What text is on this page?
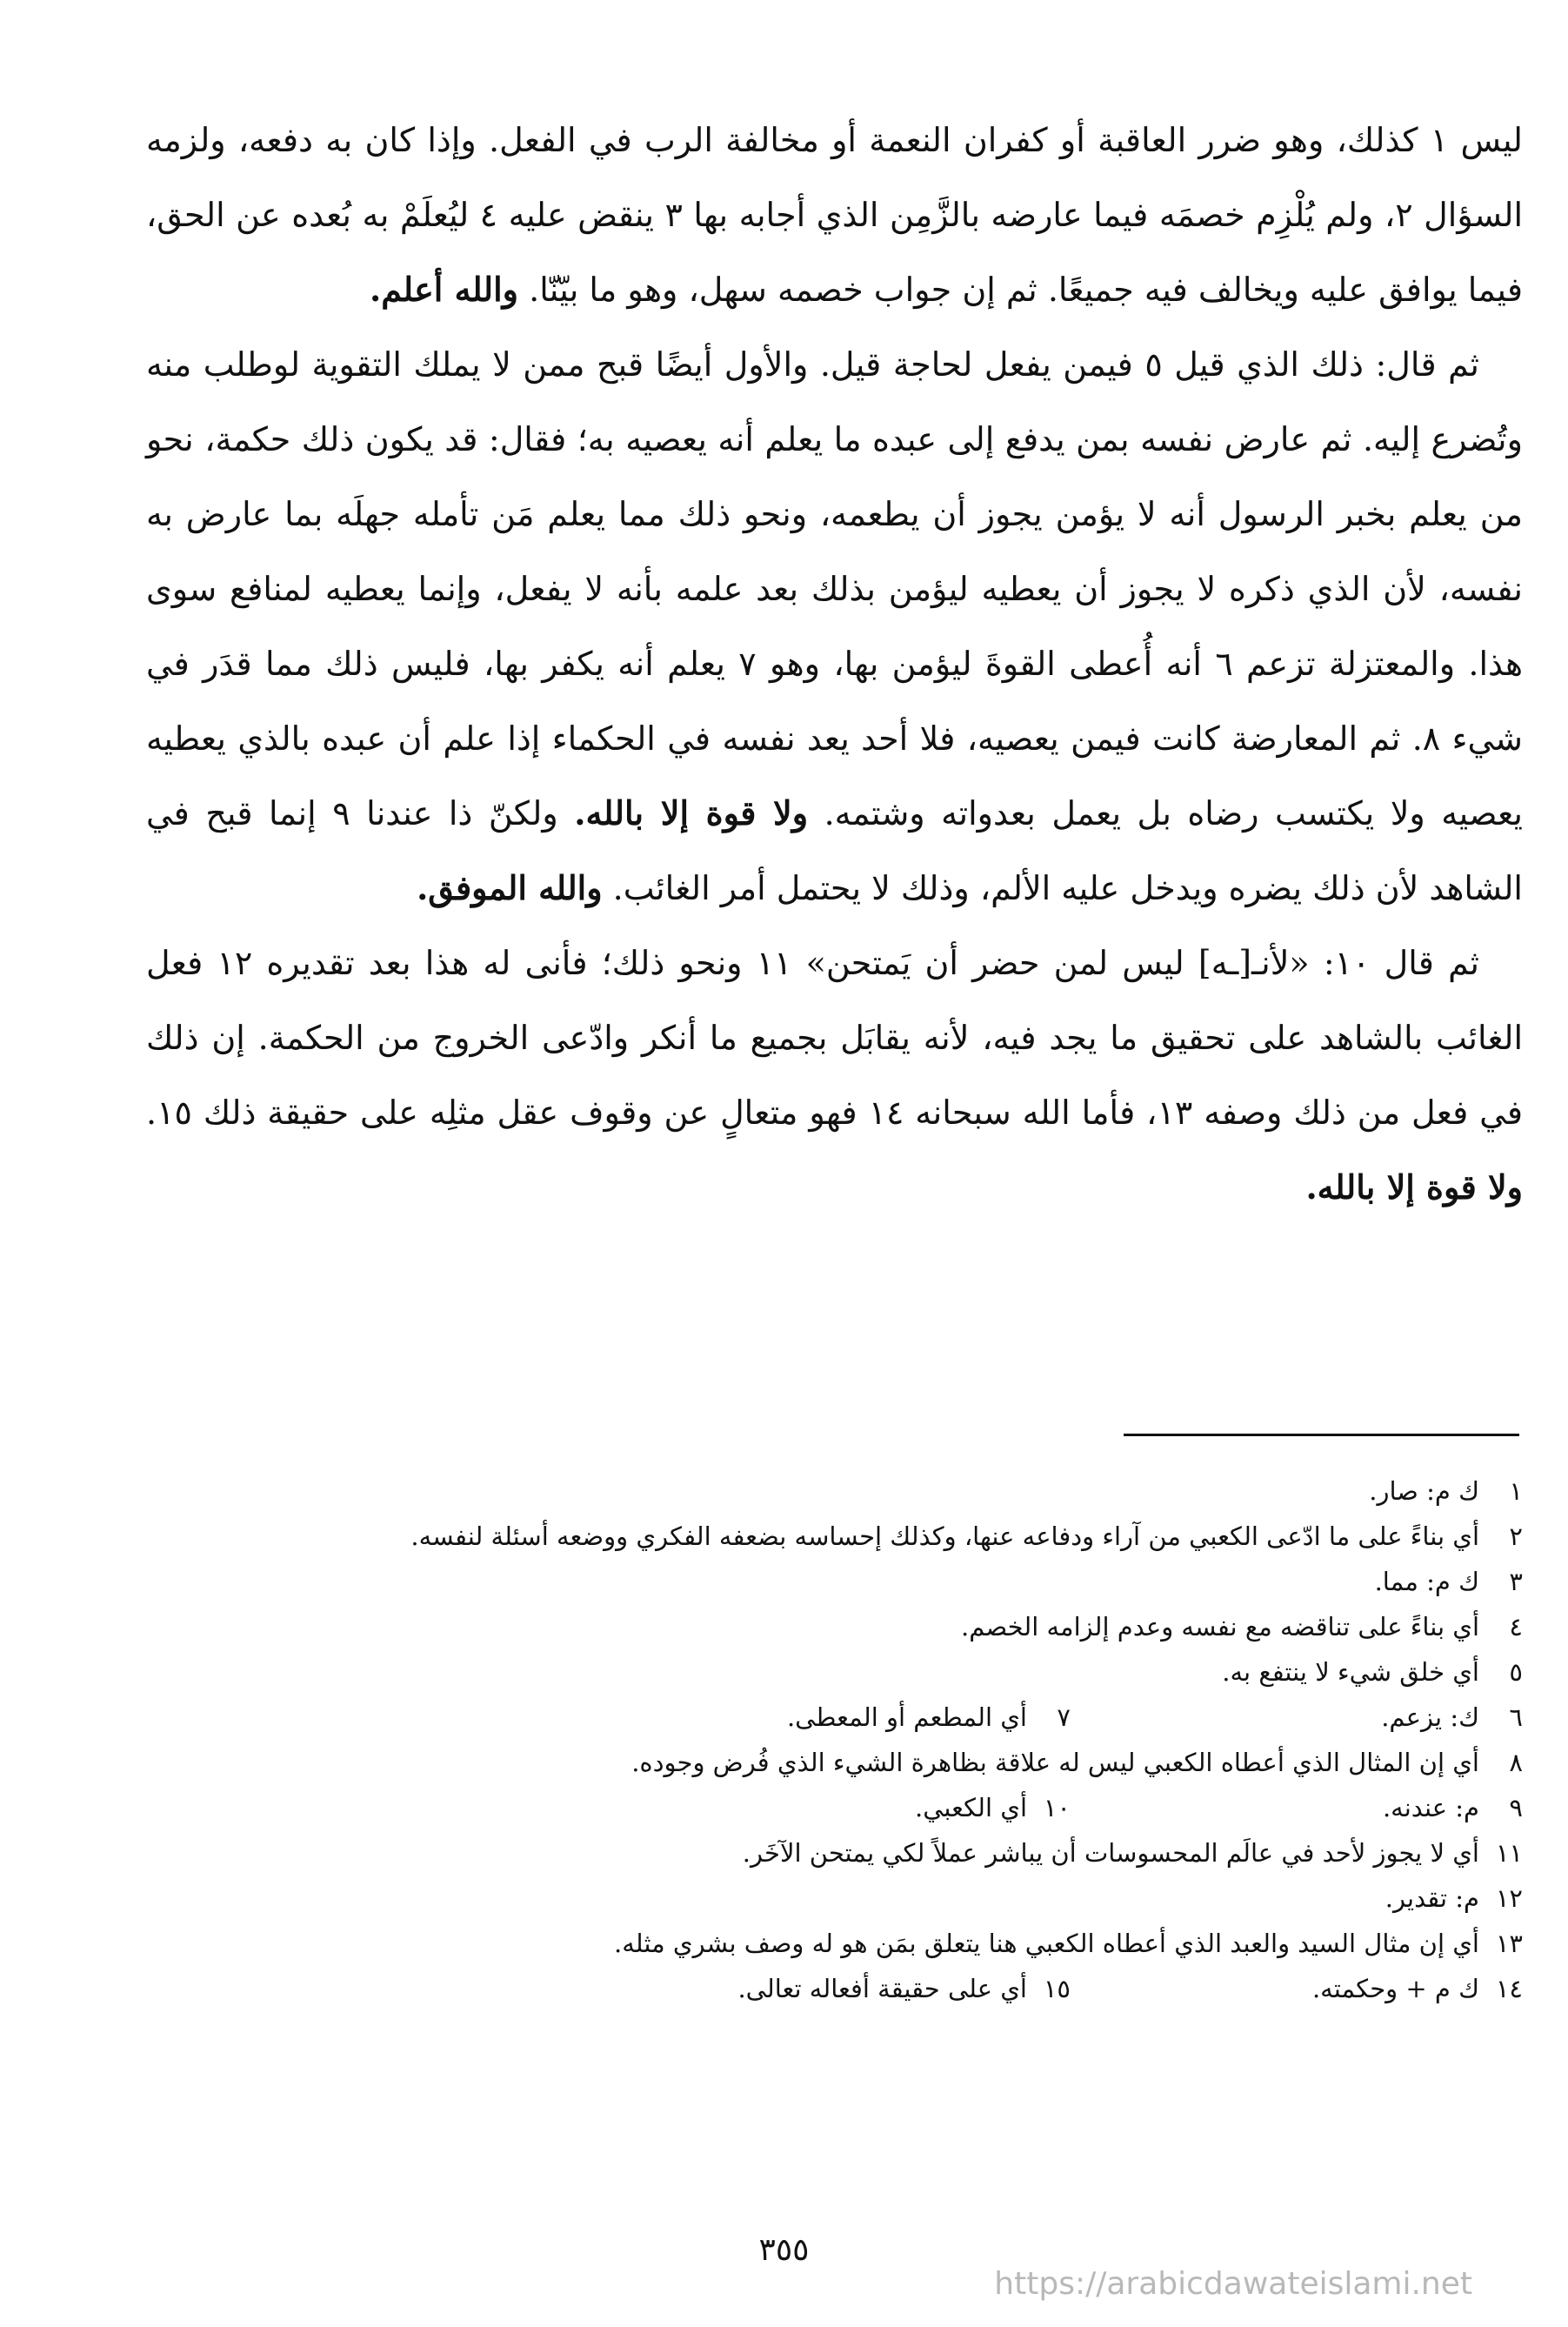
ليس ١ كذلك، وهو ضرر العاقبة أو كفران النعمة أو مخالفة الرب في الفعل. وإذا كان به دفعه، ولزمه السؤال ٢، ولم يُلْزِم خصمَه فيما عارضه بالزَّمِن الذي أجابه بها ٣ ينقض عليه ٤ ليُعلَمْ به بُعده عن الحق، فيما يوافق عليه ويخالف فيه جميعًا. ثم إن جواب خصمه سهل، وهو ما بيّنّا. والله أعلم.

ثم قال: ذلك الذي قيل ٥ فيمن يفعل لحاجة قيل. والأول أيضًا قبح ممن لا يملك التقوية لوطلب منه وتُضرع إليه. ثم عارض نفسه بمن يدفع إلى عبده ما يعلم أنه يعصيه به؛ فقال: قد يكون ذلك حكمة، نحو من يعلم بخبر الرسول أنه لا يؤمن يجوز أن يطعمه، ونحو ذلك مما يعلم مَن تأمله جهلَه بما عارض به نفسه، لأن الذي ذكره لا يجوز أن يعطيه ليؤمن بذلك بعد علمه بأنه لا يفعل، وإنما يعطيه لمنافع سوى هذا. والمعتزلة تزعم ٦ أنه أُعطى القوةَ ليؤمن بها، وهو ٧ يعلم أنه يكفر بها، فليس ذلك مما قدَر في شيء ٨. ثم المعارضة كانت فيمن يعصيه، فلا أحد يعد نفسه في الحكماء إذا علم أن عبده بالذي يعطيه يعصيه ولا يكتسب رضاه بل يعمل بعدواته وشتمه. ولا قوة إلا بالله. ولكنّ ذا عندنا ٩ إنما قبح في الشاهد لأن ذلك يضره ويدخل عليه الألم، وذلك لا يحتمل أمر الغائب. والله الموفق.

ثم قال ١٠: «لأنـ[ـه] ليس لمن حضر أن يَمتحن» ١١ ونحو ذلك؛ فأنى له هذا بعد تقديره ١٢ فعل الغائب بالشاهد على تحقيق ما يجد فيه، لأنه يقابَل بجميع ما أنكر وادّعى الخروج من الحكمة. إن ذلك في فعل من ذلك وصفه ١٣، فأما الله سبحانه ١٤ فهو متعالٍ عن وقوف عقل مثلِه على حقيقة ذلك ١٥. ولا قوة إلا بالله.

١
ك م: صار.
٢
أي بناءً على ما ادّعى الكعبي من آراء ودفاعه عنها، وكذلك إحساسه بضعفه الفكري ووضعه أسئلة لنفسه.
٣
ك م: مما.
٤
أي بناءً على تناقضه مع نفسه وعدم إلزامه الخصم.
٥
أي خلق شيء لا ينتفع به.
٦
ك: يزعم.
٧
أي المطعم أو المعطى.
٨
أي إن المثال الذي أعطاه الكعبي ليس له علاقة بظاهرة الشيء الذي فُرض وجوده.
٩
م: عندنه.
١٠
أي الكعبي.
١١
أي لا يجوز لأحد في عالَم المحسوسات أن يباشر عملاً لكي يمتحن الآخَر.
١٢
م: تقدير.
١٣
أي إن مثال السيد والعبد الذي أعطاه الكعبي هنا يتعلق بمَن هو له وصف بشري مثله.
١٤
ك م + وحكمته.
١٥
أي على حقيقة أفعاله تعالى.
٣٥٥
https://arabicdawateislami.net
